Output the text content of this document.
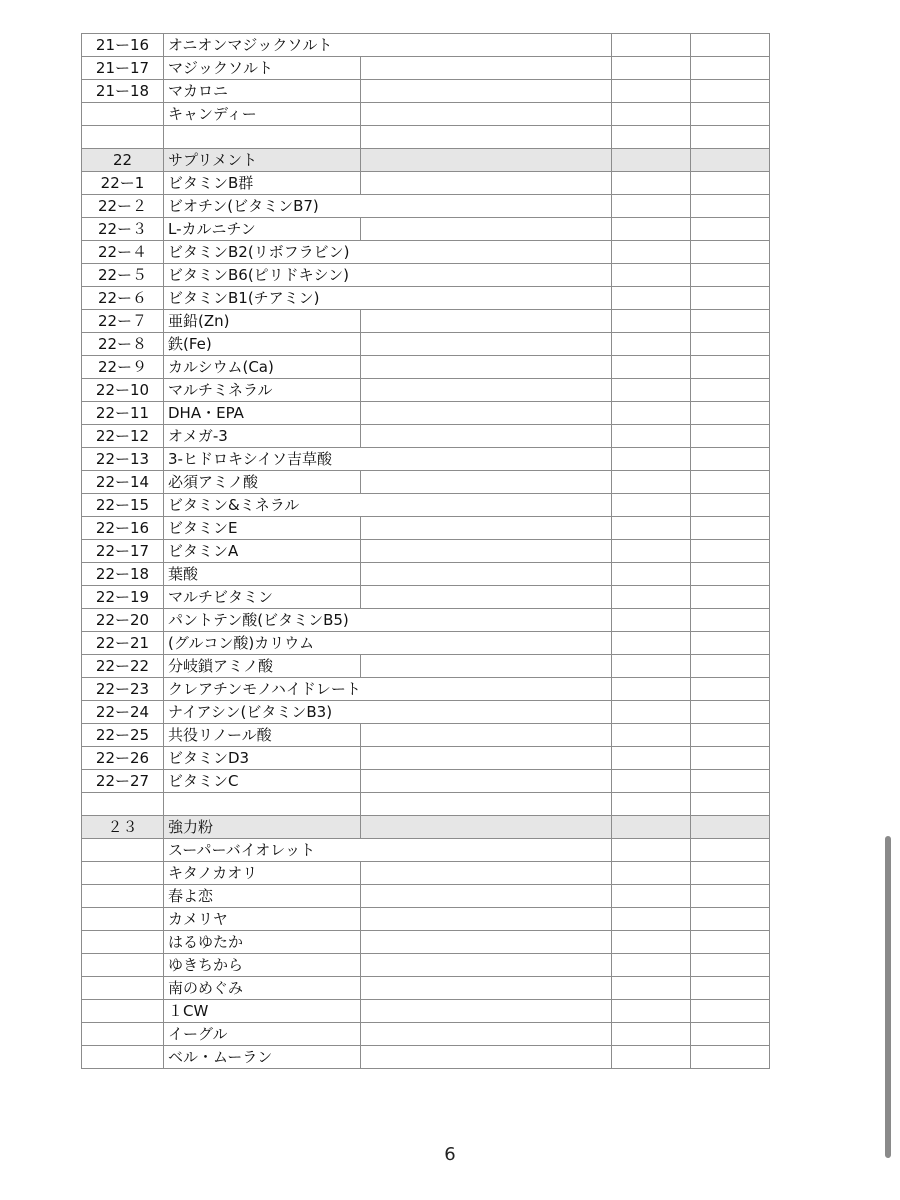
21ー16	オニオンマジックソルト			
21ー17	マジックソルト			
21ー18	マカロニ			
	キャンディー			

22	サプリメント			
22ー1	ビタミンB群			
22ー２	ビオチン(ビタミンB7)			
22ー３	L-カルニチン			
22ー４	ビタミンB2(リボフラビン)			
22ー５	ビタミンB6(ピリドキシン)			
22ー６	ビタミンB1(チアミン)			
22ー７	亜鉛(Zn)			
22ー８	鉄(Fe)			
22ー９	カルシウム(Ca)			
22ー10	マルチミネラル			
22ー11	DHA・EPA			
22ー12	オメガ-3			
22ー13	3-ヒドロキシイソ吉草酸			
22ー14	必須アミノ酸			
22ー15	ビタミン&ミネラル			
22ー16	ビタミンE			
22ー17	ビタミンA			
22ー18	葉酸			
22ー19	マルチビタミン			
22ー20	パントテン酸(ビタミンB5)			
22ー21	(グルコン酸)カリウム			
22ー22	分岐鎖アミノ酸			
22ー23	クレアチンモノハイドレート			
22ー24	ナイアシン(ビタミンB3)			
22ー25	共役リノール酸			
22ー26	ビタミンD3			
22ー27	ビタミンC			

２３	強力粉			
	スーパーバイオレット			
	キタノカオリ			
	春よ恋			
	カメリヤ			
	はるゆたか			
	ゆきちから			
	南のめぐみ			
	１CW			
	イーグル			
	ベル・ムーラン			
6
